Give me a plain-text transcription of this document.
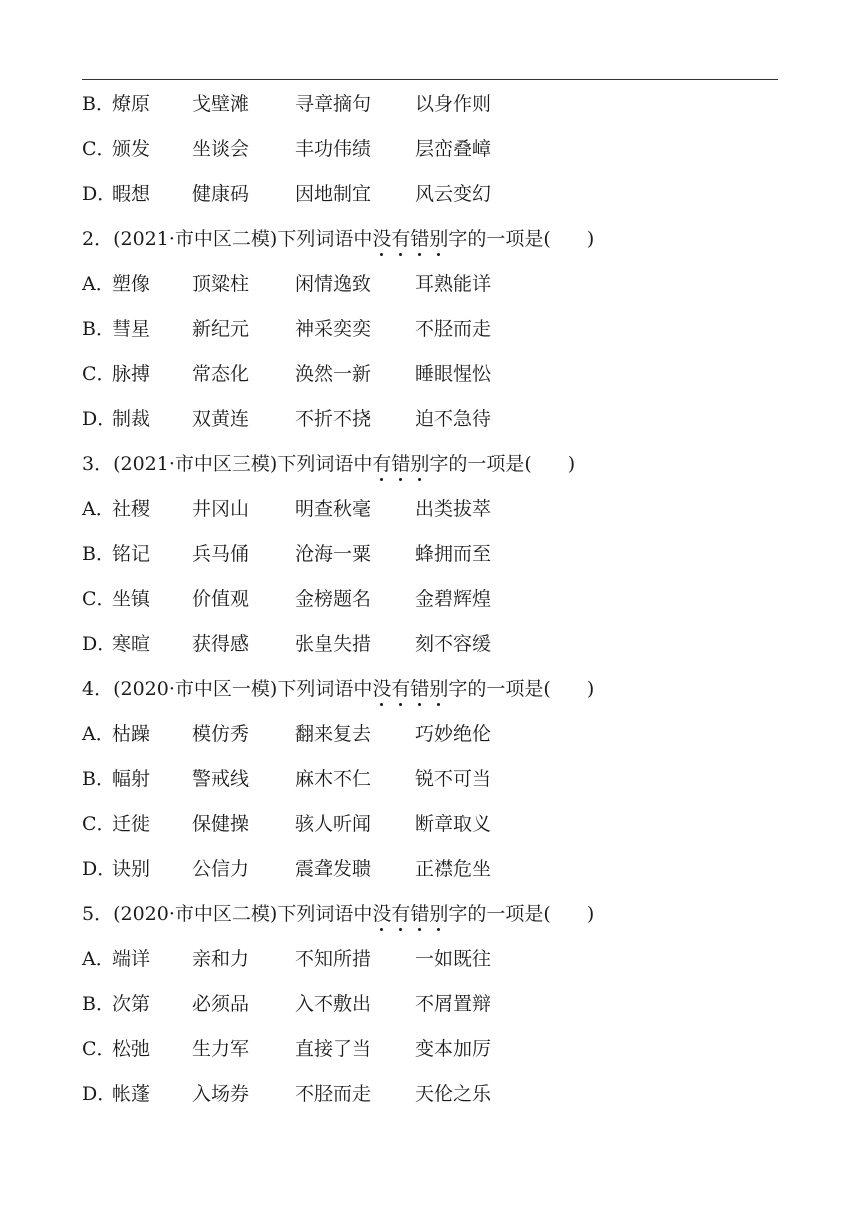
B．
燎原 戈壁滩 寻章摘句 以身作则
C．
颁发 坐谈会 丰功伟绩 层峦叠嶂
D．
暇想 健康码 因地制宜 风云变幻
2．(2021·市中区二模)下列词语中没有错别字的一项是( )
A．
塑像 顶粱柱 闲情逸致 耳熟能详
B．
彗星 新纪元 神采奕奕 不胫而走
C．
脉搏 常态化 涣然一新 睡眼惺忪
D．
制裁 双黄连 不折不挠 迫不急待
3．(2021·市中区三模)下列词语中有错别字的一项是( )
A．
社稷 井冈山 明查秋毫 出类拔萃
B．
铭记 兵马俑 沧海一粟 蜂拥而至
C．
坐镇 价值观 金榜题名 金碧辉煌
D．
寒暄 获得感 张皇失措 刻不容缓
4．(2020·市中区一模)下列词语中没有错别字的一项是( )
A．
枯躁 模仿秀 翻来复去 巧妙绝伦
B．
幅射 警戒线 麻木不仁 锐不可当
C．
迁徙 保健操 骇人听闻 断章取义
D．
诀别 公信力 震聋发聩 正襟危坐
5．(2020·市中区二模)下列词语中没有错别字的一项是( )
A．
端详 亲和力 不知所措 一如既往
B．
次第 必须品 入不敷出 不屑置辩
C．
松弛 生力军 直接了当 变本加厉
D．
帐蓬 入场券 不胫而走 天伦之乐
